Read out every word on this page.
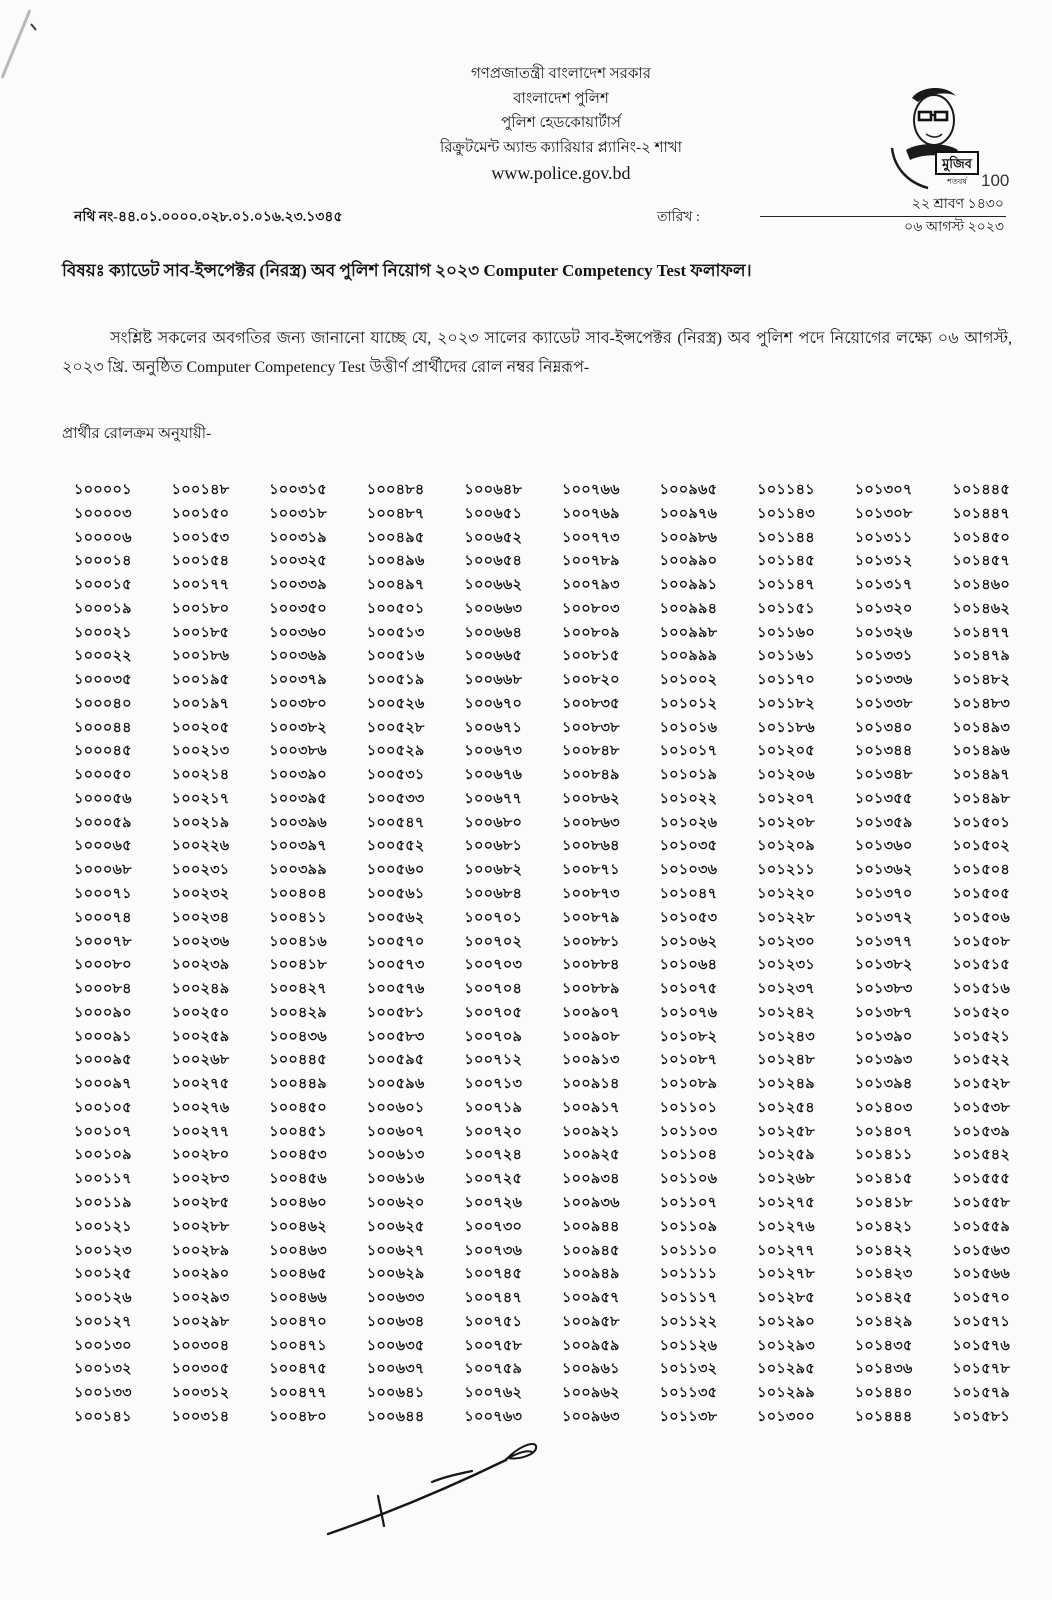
গণপ্রজাতন্ত্রী বাংলাদেশ সরকার
বাংলাদেশ পুলিশ
পুলিশ হেডকোয়ার্টার্স
রিক্রুটমেন্ট অ্যান্ড ক্যারিয়ার প্ল্যানিং-২ শাখা
www.police.gov.bd	মুজিব
শতবর্ষ 100
নথি নং-৪৪.০১.০০০০.০২৮.০১.০১৬.২৩.১৩৪৫	তারিখ :
২২ শ্রাবণ ১৪৩০
০৬ আগস্ট ২০২৩
বিষয়ঃ ক্যাডেট সাব-ইন্সপেক্টর (নিরস্ত্র) অব পুলিশ নিয়োগ ২০২৩ Computer Competency Test ফলাফল।
সংশ্লিষ্ট সকলের অবগতির জন্য জানানো যাচ্ছে যে, ২০২৩ সালের ক্যাডেট সাব-ইন্সপেক্টর (নিরস্ত্র) অব পুলিশ পদে নিয়োগের লক্ষ্যে ০৬ আগস্ট, ২০২৩ খ্রি. অনুষ্ঠিত Computer Competency Test উত্তীর্ণ প্রার্থীদের রোল নম্বর নিম্নরূপ-
প্রার্থীর রোলক্রম অনুযায়ী-
১০০০০১
১০০০০৩
১০০০০৬
১০০০১৪
১০০০১৫
১০০০১৯
১০০০২১
১০০০২২
১০০০৩৫
১০০০৪০
১০০০৪৪
১০০০৪৫
১০০০৫০
১০০০৫৬
১০০০৫৯
১০০০৬৫
১০০০৬৮
১০০০৭১
১০০০৭৪
১০০০৭৮
১০০০৮০
১০০০৮৪
১০০০৯০
১০০০৯১
১০০০৯৫
১০০০৯৭
১০০১০৫
১০০১০৭
১০০১০৯
১০০১১৭
১০০১১৯
১০০১২১
১০০১২৩
১০০১২৫
১০০১২৬
১০০১২৭
১০০১৩০
১০০১৩২
১০০১৩৩
১০০১৪১
১০০১৪৮
১০০১৫০
১০০১৫৩
১০০১৫৪
১০০১৭৭
১০০১৮০
১০০১৮৫
১০০১৮৬
১০০১৯৫
১০০১৯৭
১০০২০৫
১০০২১৩
১০০২১৪
১০০২১৭
১০০২১৯
১০০২২৬
১০০২৩১
১০০২৩২
১০০২৩৪
১০০২৩৬
১০০২৩৯
১০০২৪৯
১০০২৫০
১০০২৫৯
১০০২৬৮
১০০২৭৫
১০০২৭৬
১০০২৭৭
১০০২৮০
১০০২৮৩
১০০২৮৫
১০০২৮৮
১০০২৮৯
১০০২৯০
১০০২৯৩
১০০২৯৮
১০০৩০৪
১০০৩০৫
১০০৩১২
১০০৩১৪
১০০৩১৫
১০০৩১৮
১০০৩১৯
১০০৩২৫
১০০৩৩৯
১০০৩৫০
১০০৩৬০
১০০৩৬৯
১০০৩৭৯
১০০৩৮০
১০০৩৮২
১০০৩৮৬
১০০৩৯০
১০০৩৯৫
১০০৩৯৬
১০০৩৯৭
১০০৩৯৯
১০০৪০৪
১০০৪১১
১০০৪১৬
১০০৪১৮
১০০৪২৭
১০০৪২৯
১০০৪৩৬
১০০৪৪৫
১০০৪৪৯
১০০৪৫০
১০০৪৫১
১০০৪৫৩
১০০৪৫৬
১০০৪৬০
১০০৪৬২
১০০৪৬৩
১০০৪৬৫
১০০৪৬৬
১০০৪৭০
১০০৪৭১
১০০৪৭৫
১০০৪৭৭
১০০৪৮০
১০০৪৮৪
১০০৪৮৭
১০০৪৯৫
১০০৪৯৬
১০০৪৯৭
১০০৫০১
১০০৫১৩
১০০৫১৬
১০০৫১৯
১০০৫২৬
১০০৫২৮
১০০৫২৯
১০০৫৩১
১০০৫৩৩
১০০৫৪৭
১০০৫৫২
১০০৫৬০
১০০৫৬১
১০০৫৬২
১০০৫৭০
১০০৫৭৩
১০০৫৭৬
১০০৫৮১
১০০৫৮৩
১০০৫৯৫
১০০৫৯৬
১০০৬০১
১০০৬০৭
১০০৬১৩
১০০৬১৬
১০০৬২০
১০০৬২৫
১০০৬২৭
১০০৬২৯
১০০৬৩৩
১০০৬৩৪
১০০৬৩৫
১০০৬৩৭
১০০৬৪১
১০০৬৪৪
১০০৬৪৮
১০০৬৫১
১০০৬৫২
১০০৬৫৪
১০০৬৬২
১০০৬৬৩
১০০৬৬৪
১০০৬৬৫
১০০৬৬৮
১০০৬৭০
১০০৬৭১
১০০৬৭৩
১০০৬৭৬
১০০৬৭৭
১০০৬৮০
১০০৬৮১
১০০৬৮২
১০০৬৮৪
১০০৭০১
১০০৭০২
১০০৭০৩
১০০৭০৪
১০০৭০৫
১০০৭০৯
১০০৭১২
১০০৭১৩
১০০৭১৯
১০০৭২০
১০০৭২৪
১০০৭২৫
১০০৭২৬
১০০৭৩০
১০০৭৩৬
১০০৭৪৫
১০০৭৪৭
১০০৭৫১
১০০৭৫৮
১০০৭৫৯
১০০৭৬২
১০০৭৬৩
১০০৭৬৬
১০০৭৬৯
১০০৭৭৩
১০০৭৮৯
১০০৭৯৩
১০০৮০৩
১০০৮০৯
১০০৮১৫
১০০৮২০
১০০৮৩৫
১০০৮৩৮
১০০৮৪৮
১০০৮৪৯
১০০৮৬২
১০০৮৬৩
১০০৮৬৪
১০০৮৭১
১০০৮৭৩
১০০৮৭৯
১০০৮৮১
১০০৮৮৪
১০০৮৮৯
১০০৯০৭
১০০৯০৮
১০০৯১৩
১০০৯১৪
১০০৯১৭
১০০৯২১
১০০৯২৫
১০০৯৩৪
১০০৯৩৬
১০০৯৪৪
১০০৯৪৫
১০০৯৪৯
১০০৯৫৭
১০০৯৫৮
১০০৯৫৯
১০০৯৬১
১০০৯৬২
১০০৯৬৩
১০০৯৬৫
১০০৯৭৬
১০০৯৮৬
১০০৯৯০
১০০৯৯১
১০০৯৯৪
১০০৯৯৮
১০০৯৯৯
১০১০০২
১০১০১২
১০১০১৬
১০১০১৭
১০১০১৯
১০১০২২
১০১০২৬
১০১০৩৫
১০১০৩৬
১০১০৪৭
১০১০৫৩
১০১০৬২
১০১০৬৪
১০১০৭৫
১০১০৭৬
১০১০৮২
১০১০৮৭
১০১০৮৯
১০১১০১
১০১১০৩
১০১১০৪
১০১১০৬
১০১১০৭
১০১১০৯
১০১১১০
১০১১১১
১০১১১৭
১০১১২২
১০১১২৬
১০১১৩২
১০১১৩৫
১০১১৩৮
১০১১৪১
১০১১৪৩
১০১১৪৪
১০১১৪৫
১০১১৪৭
১০১১৫১
১০১১৬০
১০১১৬১
১০১১৭০
১০১১৮২
১০১১৮৬
১০১২০৫
১০১২০৬
১০১২০৭
১০১২০৮
১০১২০৯
১০১২১১
১০১২২০
১০১২২৮
১০১২৩০
১০১২৩১
১০১২৩৭
১০১২৪২
১০১২৪৩
১০১২৪৮
১০১২৪৯
১০১২৫৪
১০১২৫৮
১০১২৫৯
১০১২৬৮
১০১২৭৫
১০১২৭৬
১০১২৭৭
১০১২৭৮
১০১২৮৫
১০১২৯০
১০১২৯৩
১০১২৯৫
১০১২৯৯
১০১৩০০
১০১৩০৭
১০১৩০৮
১০১৩১১
১০১৩১২
১০১৩১৭
১০১৩২০
১০১৩২৬
১০১৩৩১
১০১৩৩৬
১০১৩৩৮
১০১৩৪০
১০১৩৪৪
১০১৩৪৮
১০১৩৫৫
১০১৩৫৯
১০১৩৬০
১০১৩৬২
১০১৩৭০
১০১৩৭২
১০১৩৭৭
১০১৩৮২
১০১৩৮৩
১০১৩৮৭
১০১৩৯০
১০১৩৯৩
১০১৩৯৪
১০১৪০৩
১০১৪০৭
১০১৪১১
১০১৪১৫
১০১৪১৮
১০১৪২১
১০১৪২২
১০১৪২৩
১০১৪২৫
১০১৪২৯
১০১৪৩৫
১০১৪৩৬
১০১৪৪০
১০১৪৪৪
১০১৪৪৫
১০১৪৪৭
১০১৪৫০
১০১৪৫৭
১০১৪৬০
১০১৪৬২
১০১৪৭৭
১০১৪৭৯
১০১৪৮২
১০১৪৮৩
১০১৪৯৩
১০১৪৯৬
১০১৪৯৭
১০১৪৯৮
১০১৫০১
১০১৫০২
১০১৫০৪
১০১৫০৫
১০১৫০৬
১০১৫০৮
১০১৫১৫
১০১৫১৬
১০১৫২০
১০১৫২১
১০১৫২২
১০১৫২৮
১০১৫৩৮
১০১৫৩৯
১০১৫৪২
১০১৫৫৫
১০১৫৫৮
১০১৫৫৯
১০১৫৬৩
১০১৫৬৬
১০১৫৭০
১০১৫৭১
১০১৫৭৬
১০১৫৭৮
১০১৫৭৯
১০১৫৮১
